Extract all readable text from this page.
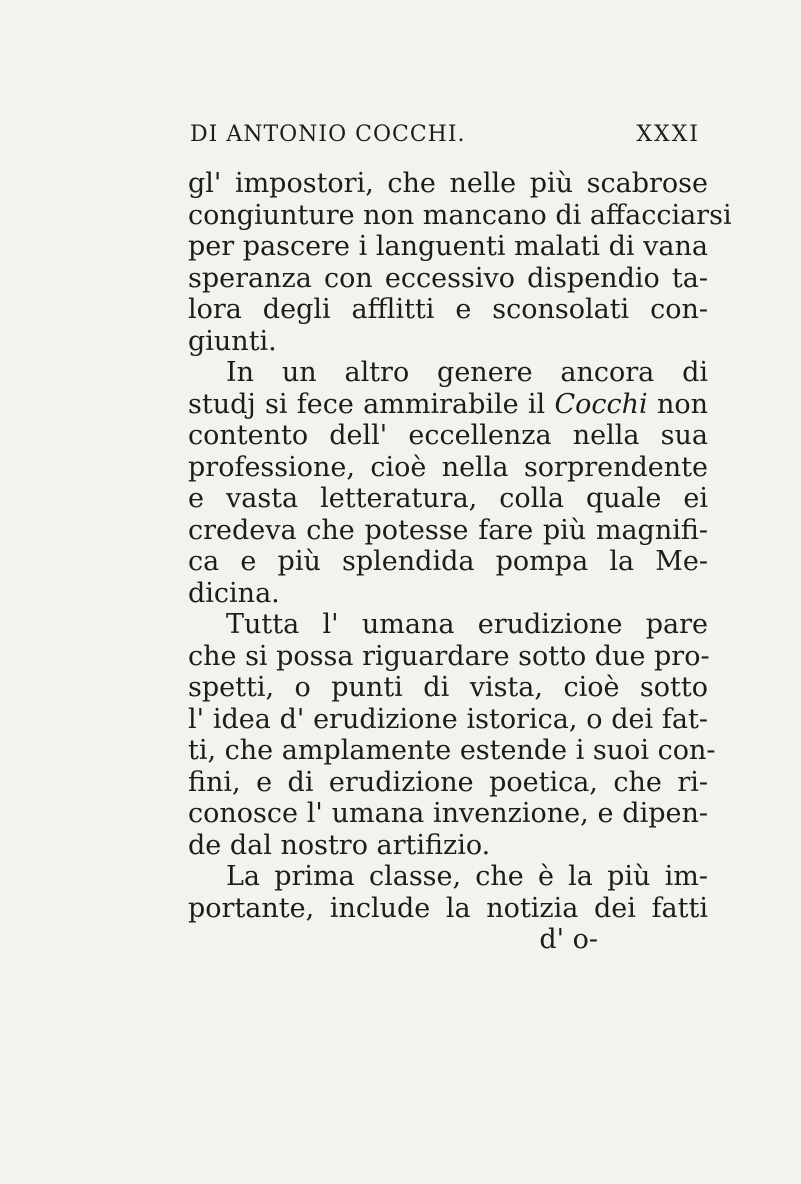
DI ANTONIO COCCHI.	XXXI
gl' impostori, che nelle più scabrose
congiunture non mancano di affacciarsi
per pascere i languenti malati di vana
speranza con eccessivo dispendio ta-
lora degli afflitti e sconsolati con-
giunti.
In un altro genere ancora di
studj si fece ammirabile il Cocchi non
contento dell' eccellenza nella sua
professione, cioè nella sorprendente
e vasta letteratura, colla quale ei
credeva che potesse fare più magnifi-
ca e più splendida pompa la Me-
dicina.
Tutta l' umana erudizione pare
che si possa riguardare sotto due pro-
spetti, o punti di vista, cioè sotto
l' idea d' erudizione istorica, o dei fat-
ti, che amplamente estende i suoi con-
fini, e di erudizione poetica, che ri-
conosce l' umana invenzione, e dipen-
de dal nostro artifizio.
La prima classe, che è la più im-
portante, include la notizia dei fatti
d' o-
